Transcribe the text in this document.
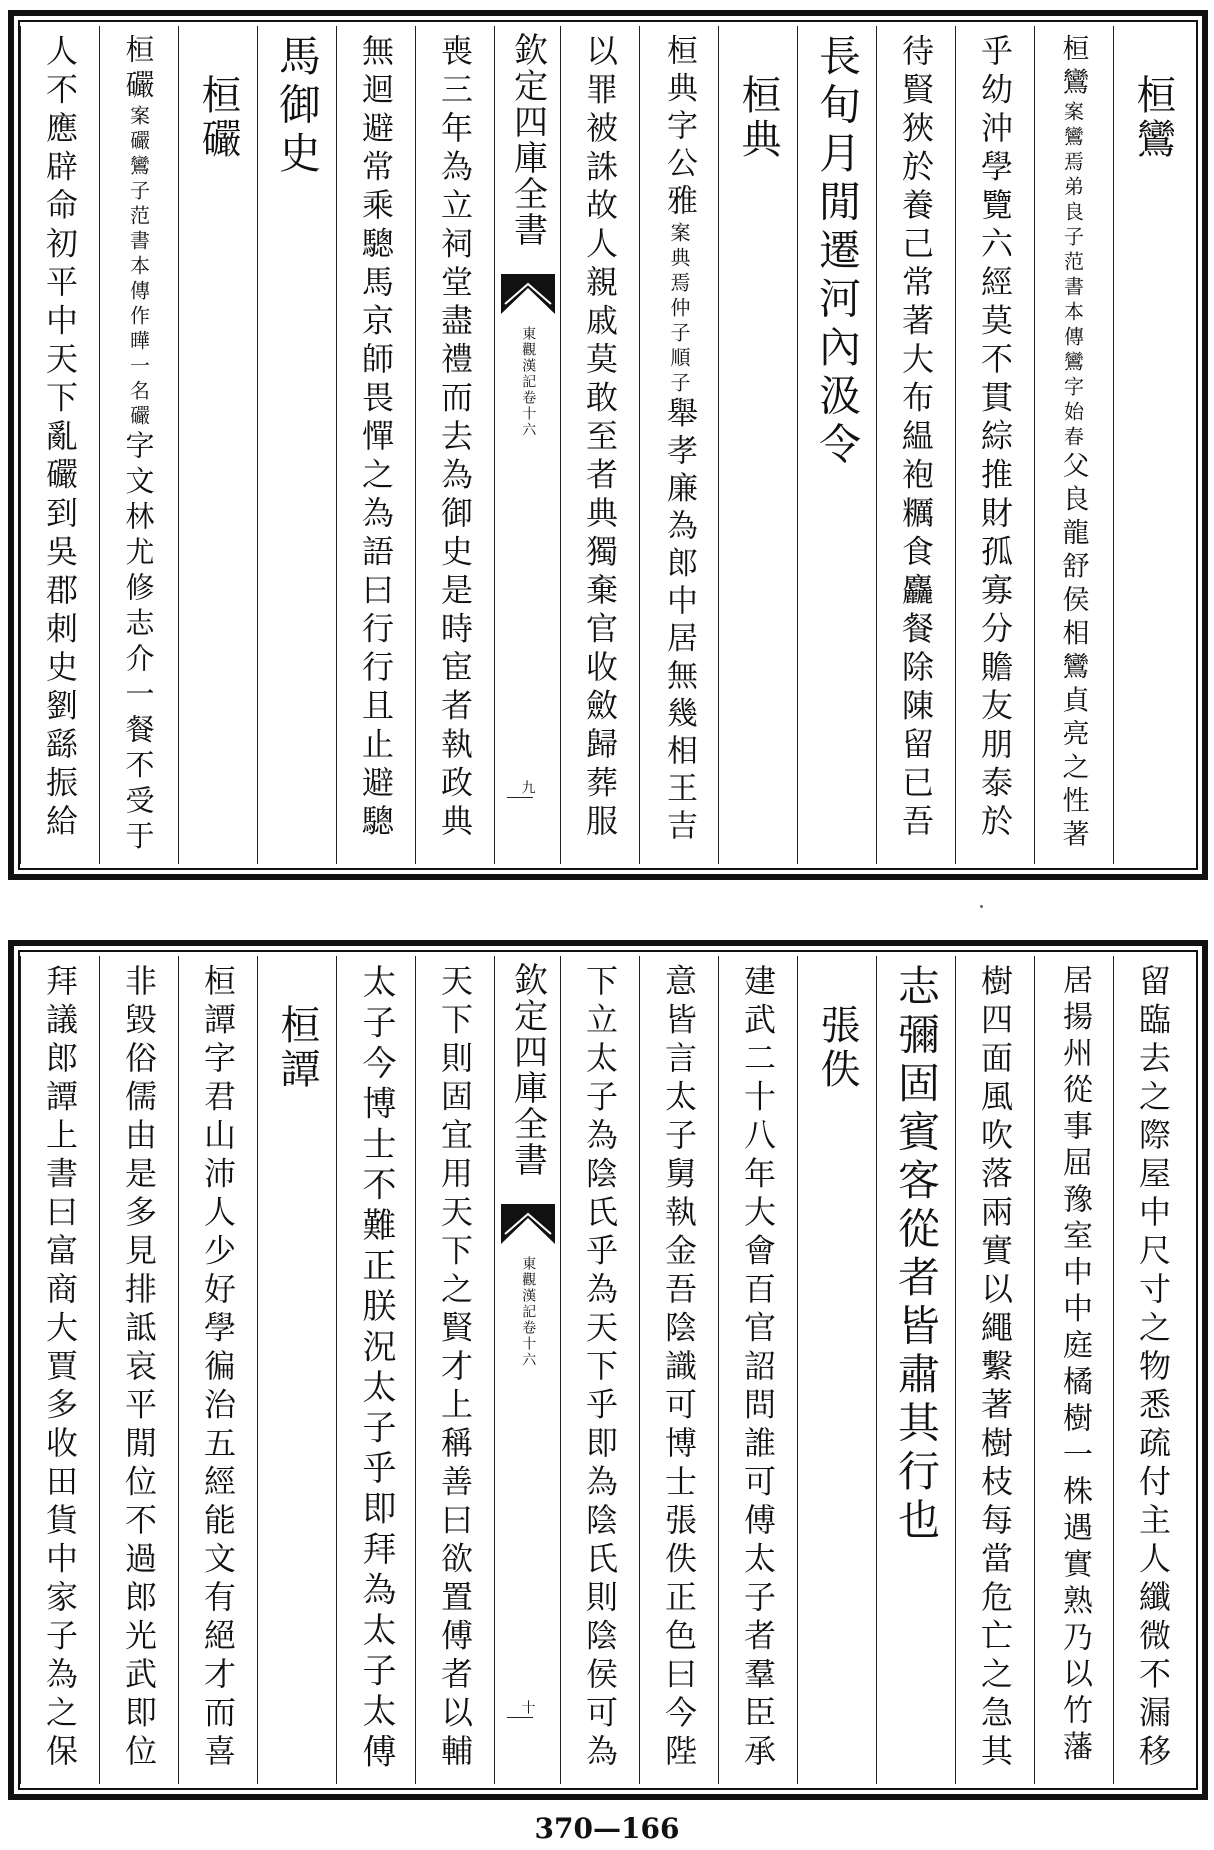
桓鸞
桓鸞案鸞焉弟良子范書本傳鸞字始春父良龍舒侯相鸞貞亮之性著
乎幼沖學覽六經莫不貫綜推財孤寡分贍友朋泰於
待賢狹於養己常著大布緼袍糲食麤餐除陳留已吾
長旬月閒遷河內汲令
桓典
桓典字公雅案典焉仲子順子舉孝廉為郎中居無幾相王吉
以罪被誅故人親戚莫敢至者典獨棄官收斂歸葬服
欽定四庫全書
東觀漢記卷十六
九
喪三年為立祠堂盡禮而去為御史是時宦者執政典
無迴避常乘驄馬京師畏憚之為語曰行行且止避驄
馬御史
桓礹
桓礹案礹鸞子范書本傳作曄一名礹字文林尤修志介一餐不受于
人不應辟命初平中天下亂礹到吳郡刺史劉繇振給
留臨去之際屋中尺寸之物悉疏付主人纖微不漏移
居揚州從事屈豫室中中庭橘樹一株遇實熟乃以竹藩
樹四面風吹落兩實以繩繫著樹枝每當危亡之急其
志彌固賓客從者皆肅其行也
張佚
建武二十八年大會百官詔問誰可傅太子者羣臣承
意皆言太子舅執金吾陰識可博士張佚正色曰今陛
下立太子為陰氏乎為天下乎即為陰氏則陰侯可為
欽定四庫全書
東觀漢記卷十六
十
天下則固宜用天下之賢才上稱善曰欲置傅者以輔
太子今博士不難正朕況太子乎即拜為太子太傅
桓譚
桓譚字君山沛人少好學徧治五經能文有絕才而喜
非毀俗儒由是多見排詆哀平閒位不過郎光武即位
拜議郎譚上書曰富商大賈多收田貨中家子為之保
370—166
